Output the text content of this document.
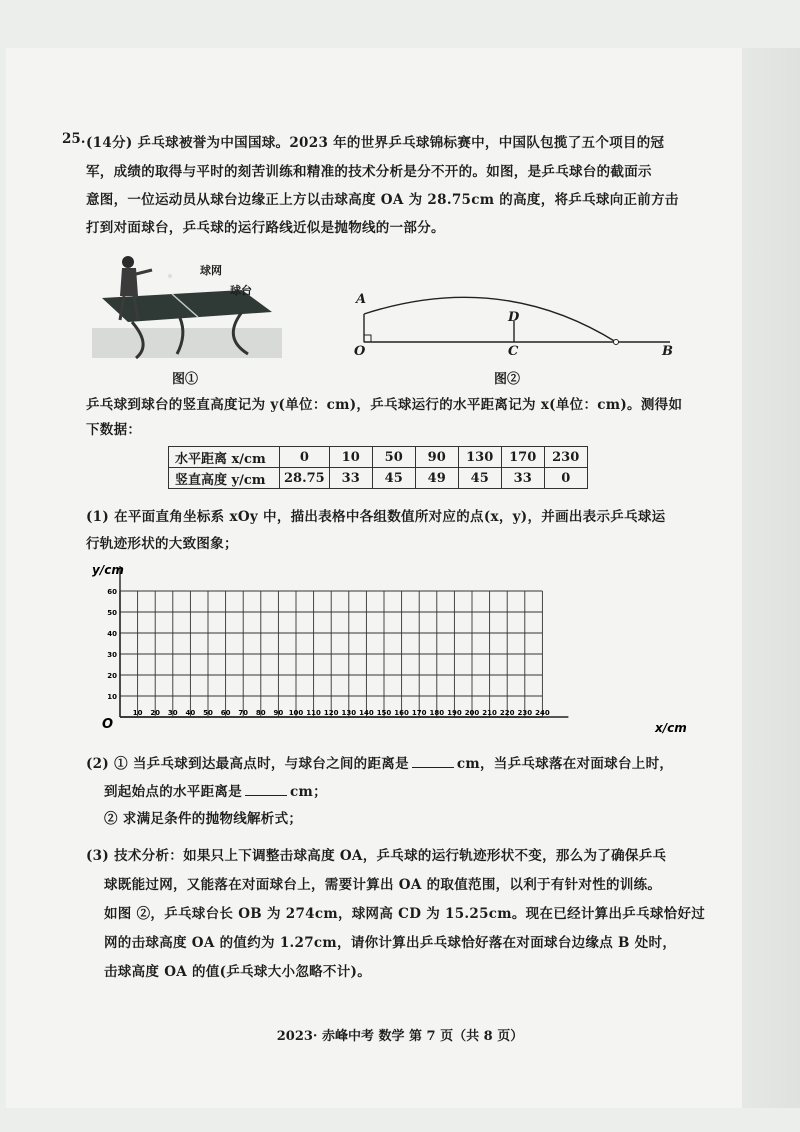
25. (14分) 乒乓球被誉为中国国球。2023 年的世界乒乓球锦标赛中，中国队包揽了五个项目的冠
军，成绩的取得与平时的刻苦训练和精准的技术分析是分不开的。如图，是乒乓球台的截面示
意图，一位运动员从球台边缘正上方以击球高度 OA 为 28.75cm 的高度，将乒乓球向正前方击
打到对面球台，乒乓球的运行路线近似是抛物线的一部分。
球网
球台
图①
A
D
O	C	B
图②
乒乓球到球台的竖直高度记为 y(单位：cm)，乒乓球运行的水平距离记为 x(单位：cm)。测得如
下数据：
水平距离 x/cm	0	10	50	90	130	170	230
竖直高度 y/cm	28.75	33	45	49	45	33	0
(1) 在平面直角坐标系 xOy 中，描出表格中各组数值所对应的点(x，y)，并画出表示乒乓球运
行轨迹形状的大致图象；
10 20 30 40 50 60 70 80 90 100 110 120 130 140 150 160 170 180 190 200 210 220 230 240
10
20
30
40
50
60
y/cm
x/cm
O
(2) ① 当乒乓球到达最高点时，与球台之间的距离是	cm，当乒乓球落在对面球台上时，
到起始点的水平距离是	cm；
② 求满足条件的抛物线解析式；
(3) 技术分析：如果只上下调整击球高度 OA，乒乓球的运行轨迹形状不变，那么为了确保乒乓
球既能过网，又能落在对面球台上，需要计算出 OA 的取值范围，以利于有针对性的训练。
如图 ②，乒乓球台长 OB 为 274cm，球网高 CD 为 15.25cm。现在已经计算出乒乓球恰好过
网的击球高度 OA 的值约为 1.27cm，请你计算出乒乓球恰好落在对面球台边缘点 B 处时，
击球高度 OA 的值(乒乓球大小忽略不计)。
2023· 赤峰中考 数学 第 7 页（共 8 页）
